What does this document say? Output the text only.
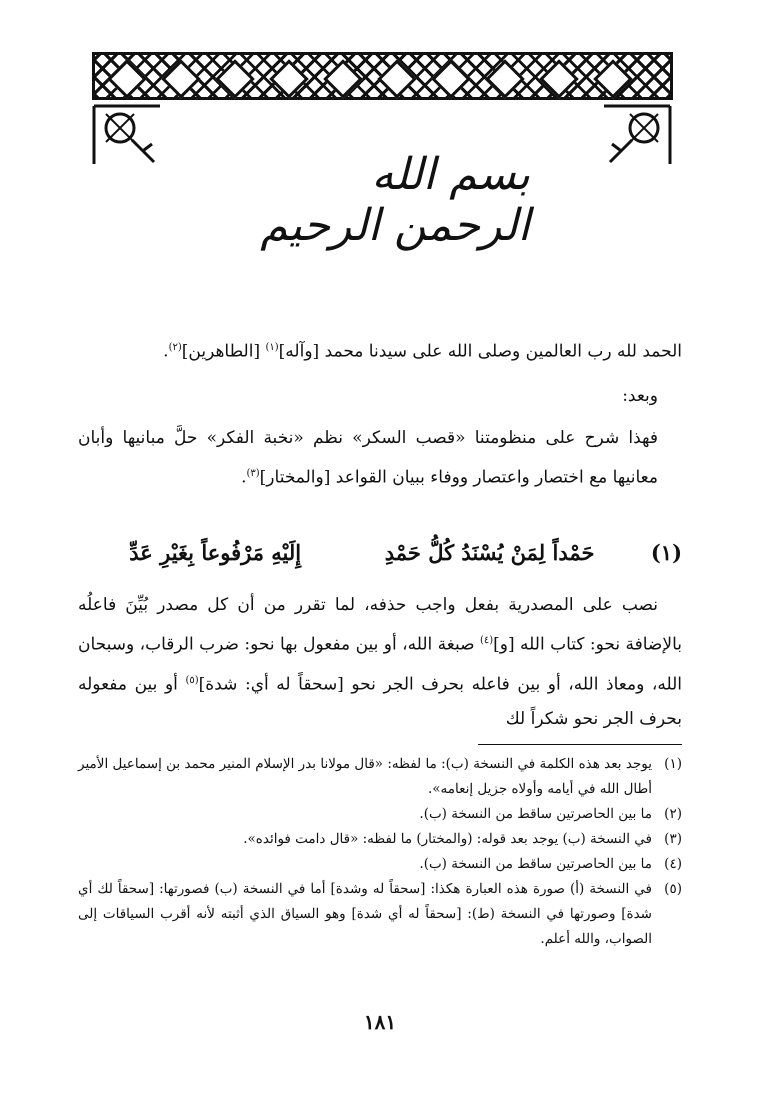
بسم الله الرحمن الرحيم
الحمد لله رب العالمين وصلى الله على سيدنا محمد [وآله]$^{(١)}$ [الطاهرين]$^{(٢)}$.
وبعد:
فهذا شرح على منظومتنا «قصب السكر» نظم «نخبة الفكر» حلَّ مبانيها وأبان معانيها مع اختصار واعتصار ووفاء ببيان القواعد [والمختار]$^{(٣)}$.
(١)
حَمْداً لِمَنْ يُسْنَدُ كُلُّ حَمْدِ
إِلَيْهِ مَرْفُوعاً بِغَيْرِ عَدِّ
نصب على المصدرية بفعل واجب حذفه، لما تقرر من أن كل مصدر بُيِّنَ فاعلُه بالإضافة نحو: كتاب الله [و]$^{(٤)}$ صبغة الله، أو بين مفعول بها نحو: ضرب الرقاب، وسبحان الله، ومعاذ الله، أو بين فاعله بحرف الجر نحو [سحقاً له أي: شدة]$^{(٥)}$ أو بين مفعوله بحرف الجر نحو شكراً لك
(١)
يوجد بعد هذه الكلمة في النسخة (ب): ما لفظه: «قال مولانا بدر الإسلام المنير محمد بن إسماعيل الأمير أطال الله في أيامه وأولاه جزيل إنعامه».
(٢)
ما بين الحاصرتين ساقط من النسخة (ب).
(٣)
في النسخة (ب) يوجد بعد قوله: (والمختار) ما لفظه: «قال دامت فوائده».
(٤)
ما بين الحاصرتين ساقط من النسخة (ب).
(٥)
في النسخة (أ) صورة هذه العبارة هكذا: [سحقاً له وشدة] أما في النسخة (ب) فصورتها: [سحقاً لك أي شدة] وصورتها في النسخة (ط): [سحقاً له أي شدة] وهو السياق الذي أثبته لأنه أقرب السياقات إلى الصواب، والله أعلم.
١٨١
